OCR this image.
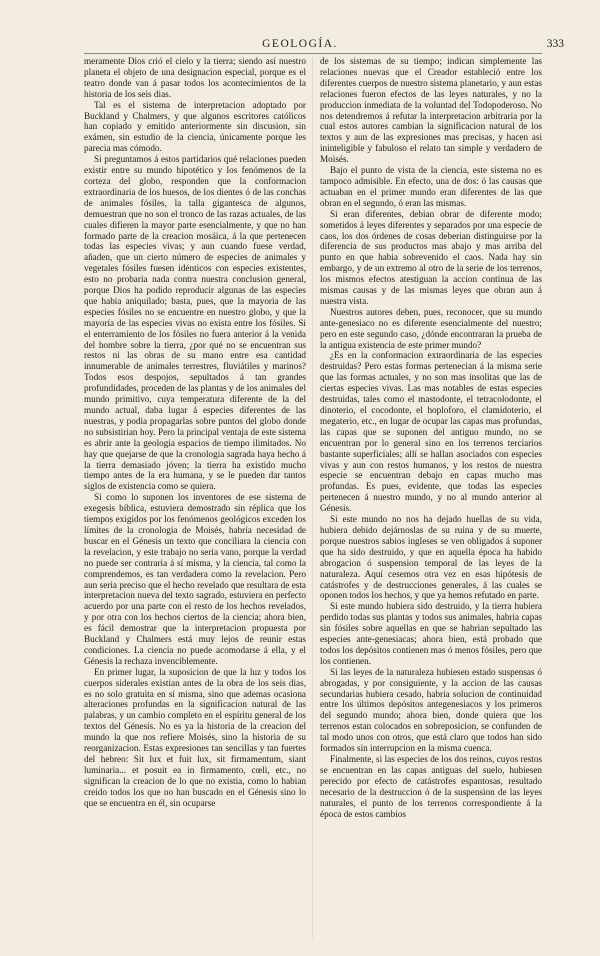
GEOLOGÍA.	333

meramente Dios crió el cielo y la tierra; siendo así nuestro planeta el objeto de una designacion especial, porque es el teatro donde van á pasar todos los acontecimientos de la historia de los seis dias.

Tal es el sistema de interpretacion adoptado por Buckland y Chalmers, y que algunos escritores católicos han copiado y emitido anteriormente sin discusion, sin exámen, sin estudio de la ciencia, únicamente porque les parecia mas cómodo.

Si preguntamos á estos partidarios qué relaciones pueden existir entre su mundo hipotético y los fenómenos de la corteza del globo, responden que la conformacion extraordinaria de los huesos, de los dientes ó de las conchas de animales fósiles, la talla gigantesca de algunos, demuestran que no son el tronco de las razas actuales, de las cuales difieren la mayor parte esencialmente, y que no han formado parte de la creacion mosáica, á la que pertenecen todas las especies vivas; y aun cuando fuese verdad, añaden, que un cierto número de especies de animales y vegetales fósiles fuesen idénticos con especies existentes, esto no probaria nada contra nuestra conclusion general, porque Dios ha podido reproducir algunas de las especies que habia aniquilado; basta, pues, que la mayoria de las especies fósiles no se encuentre en nuestro globo, y que la mayoría de las especies vivas no exista entre los fósiles. Si el enterramiento de los fósiles no fuera anterior á la venida del hombre sobre la tierra, ¿por qué no se encuentran sus restos ni las obras de su mano entre esa cantidad innumerable de animales terrestres, fluviátiles y marinos? Todos esos despojos, sepultados á tan grandes profundidades, proceden de las plantas y de los animales del mundo primitivo, cuya temperatura diferente de la del mundo actual, daba lugar á especies diferentes de las nuestras, y podia propagarlas sobre puntos del globo donde no subsistirian hoy. Pero la principal ventaja de este sistema es abrir ante la geologia espacios de tiempo ilimitados. No hay que quejarse de que la cronologia sagrada haya hecho á la tierra demasiado jóven; la tierra ha existido mucho tiempo antes de la era humana, y se le pueden dar tantos siglos de existencia como se quiera.

Si como lo suponen los inventores de ese sistema de exegesis bíblica, estuviera demostrado sin réplica que los tiempos exigidos por los fenómenos geológicos exceden los límites de la cronologia de Moisés, habría necesidad de buscar en el Génesis un texto que conciliara la ciencia con la revelacion, y este trabajo no seria vano, porque la verdad no puede ser contraria á sí misma, y la ciencia, tal como la comprendemos, es tan verdadera como la revelacion. Pero aun seria preciso que el hecho revelado que resultara de esta interpretacion nueva del texto sagrado, estuviera en perfecto acuerdo por una parte con el resto de los hechos revelados, y por otra con los hechos ciertos de la ciencia; ahora bien, es fácil demostrar que la interpretacion propuesta por Buckland y Chalmers está muy lejos de reunir estas condiciones. La ciencia no puede acomodarse á ella, y el Génesis la rechaza invenciblemente.

En primer lugar, la suposicion de que la luz y todos los cuerpos siderales existian antes de la obra de los seis dias, es no solo gratuita en sí misma, sino que ademas ocasiona alteraciones profundas en la significacion natural de las palabras, y un cambio completo en el espíritu general de los textos del Génesis. No es ya la historia de la creacion del mundo la que nos refiere Moisés, sino la historia de su reorganizacion. Estas expresiones tan sencillas y tan fuertes del hebreo: Sit lux et fuit lux, sit firmamentum, siant luminaria... et posuit ea in firmamento, cœli, etc., no significan la creacion de lo que no existia, como lo habian creido todos los que no han buscado en el Génesis sino lo que se encuentra en él, sin ocuparse

de los sistemas de su tiempo; indican simplemente las relaciones nuevas que el Creador estableció entre los diferentes cuerpos de nuestro sistema planetario, y aun estas relaciones fueron efectos de las leyes naturales, y no la produccion inmediata de la voluntad del Todopoderoso. No nos detendremos á refutar la interpretacion arbitraria por la cual estos autores cambian la significacion natural de los textos y aun de las expresiones mas precisas, y hacen asi ininteligible y fabuloso el relato tan simple y verdadero de Moisés.

Bajo el punto de vista de la ciencia, este sistema no es tampoco admisible. En efecto, una de dos: ó las causas que actuaban en el primer mundo eran diferentes de las que obran en el segundo, ó eran las mismas.

Si eran diferentes, debian obrar de diferente modo; sometidos á leyes diferentes y separados por una especie de caos, los dos órdenes de cosas deberian distinguirse por la diferencia de sus productos mas abajo y mas arriba del punto en que habia sobrevenido el caos. Nada hay sin embargo, y de un extremo al otro de la serie de los terrenos, los mismos efectos atestiguan la accion continua de las mismas causas y de las mismas leyes que obran aun á nuestra vista.

Nuestros autores deben, pues, reconocer, que su mundo ante-genesiaco no es diferente esencialmente del nuestro; pero en este segundo caso, ¿dónde encontraran la prueba de la antigua existencia de este primer mundo?

¿Es en la conformacion extraordinaria de las especies destruidas? Pero estas formas pertenecian á la misma serie que las formas actuales, y no son mas insolitas que las de ciertas especies vivas. Las mas notables de estas especies destruidas, tales como el mastodonte, el tetracolodonte, el dinoterio, el cocodonte, el hoploforo, el clamidoterio, el megaterio, etc., en lugar de ocupar las capas mas profundas, las capas que se suponen del antiguo mundo, no se encuentran por lo general sino en los terrenos terciarios bastante superficiales; allí se hallan asociados con especies vivas y aun con restos humanos, y los restos de nuestra especie se encuentran debajo en capas mucho mas profundas. Es pues, evidente, que todas las especies pertenecen á nuestro mundo, y no al mundo anterior al Génesis.

Si este mundo no nos ha dejado huellas de su vida, hubiera debido dejárnoslas de su ruina y de su muerte, porque nuestros sabios ingleses se ven obligados á suponer que ha sido destruido, y que en aquella época ha habido abrogacion ó suspension temporal de las leyes de la naturaleza. Aquí cesemos otra vez en esas hipótesis de catástrofes y de destrucciones generales, á las cuales se oponen todos los hechos, y que ya hemos refutado en parte.

Si este mundo hubiera sido destruido, y la tierra hubiera perdido todas sus plantas y todos sus animales, habria capas sin fósiles sobre aquellas en que se habrian sepultado las especies ante-genesiacas; ahora bien, está probado que todos los depósitos contienen mas ó menos fósiles, pero que los contienen.

Si las leyes de la naturaleza hubiesen estado suspensas ó abrogadas, y por consiguiente, y la accion de las causas secundarias hubiera cesado, habria solucion de continuidad entre los últimos depósitos antegenesiacos y los primeros del segundo mundo; ahora bien, donde quiera que los terrenos estan colocados en sobreposicion, se confunden de tal modo unos con otros, que está claro que todos han sido formados sin interrupcion en la misma cuenca.

Finalmente, si las especies de los dos reinos, cuyos restos se encuentran en las capas antiguas del suelo, hubiesen perecido por efecto de catástrofes espantosas, resultado necesario de la destruccion ó de la suspension de las leyes naturales, el punto de los terrenos correspondiente á la época de estos cambios
